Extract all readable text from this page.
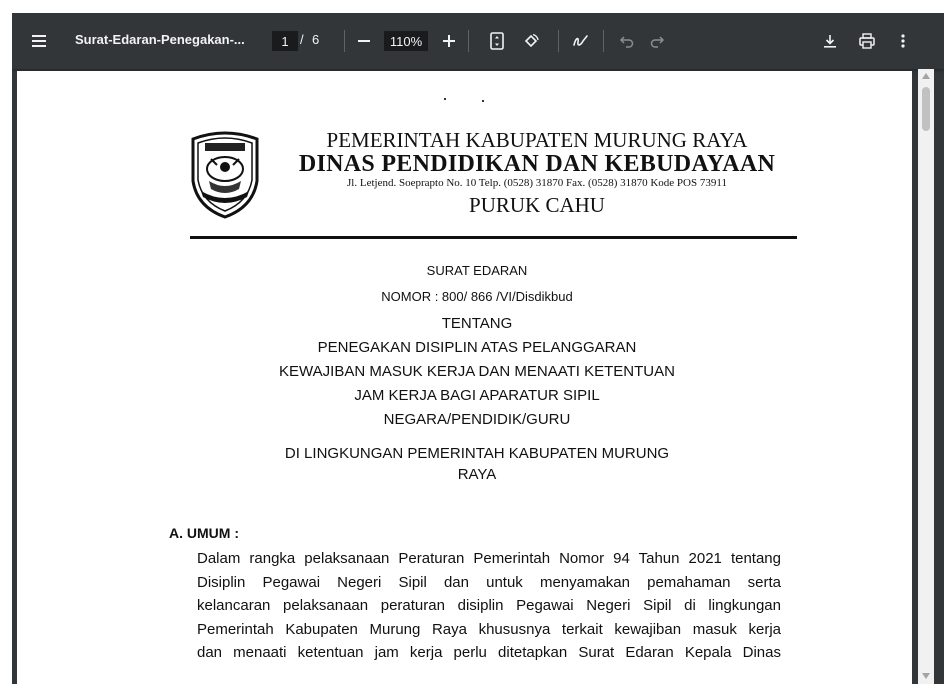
Surat-Edaran-Penegakan-...	1 / 6	110%
PEMERINTAH KABUPATEN MURUNG RAYA
DINAS PENDIDIKAN DAN KEBUDAYAAN
Jl. Letjend. Soeprapto No. 10 Telp. (0528) 31870 Fax. (0528) 31870 Kode POS 73911
PURUK CAHU
SURAT EDARAN
NOMOR : 800/ 866 /VI/Disdikbud
TENTANG
PENEGAKAN DISIPLIN ATAS PELANGGARAN
KEWAJIBAN MASUK KERJA DAN MENAATI KETENTUAN
JAM KERJA BAGI APARATUR SIPIL
NEGARA/PENDIDIK/GURU
DI LINGKUNGAN PEMERINTAH KABUPATEN MURUNG
RAYA
A. UMUM :
Dalam rangka pelaksanaan Peraturan Pemerintah Nomor 94 Tahun 2021 tentang
Disiplin Pegawai Negeri Sipil dan untuk menyamakan pemahaman serta
kelancaran pelaksanaan peraturan disiplin Pegawai Negeri Sipil di lingkungan
Pemerintah Kabupaten Murung Raya khususnya terkait kewajiban masuk kerja
dan menaati ketentuan jam kerja perlu ditetapkan Surat Edaran Kepala Dinas
